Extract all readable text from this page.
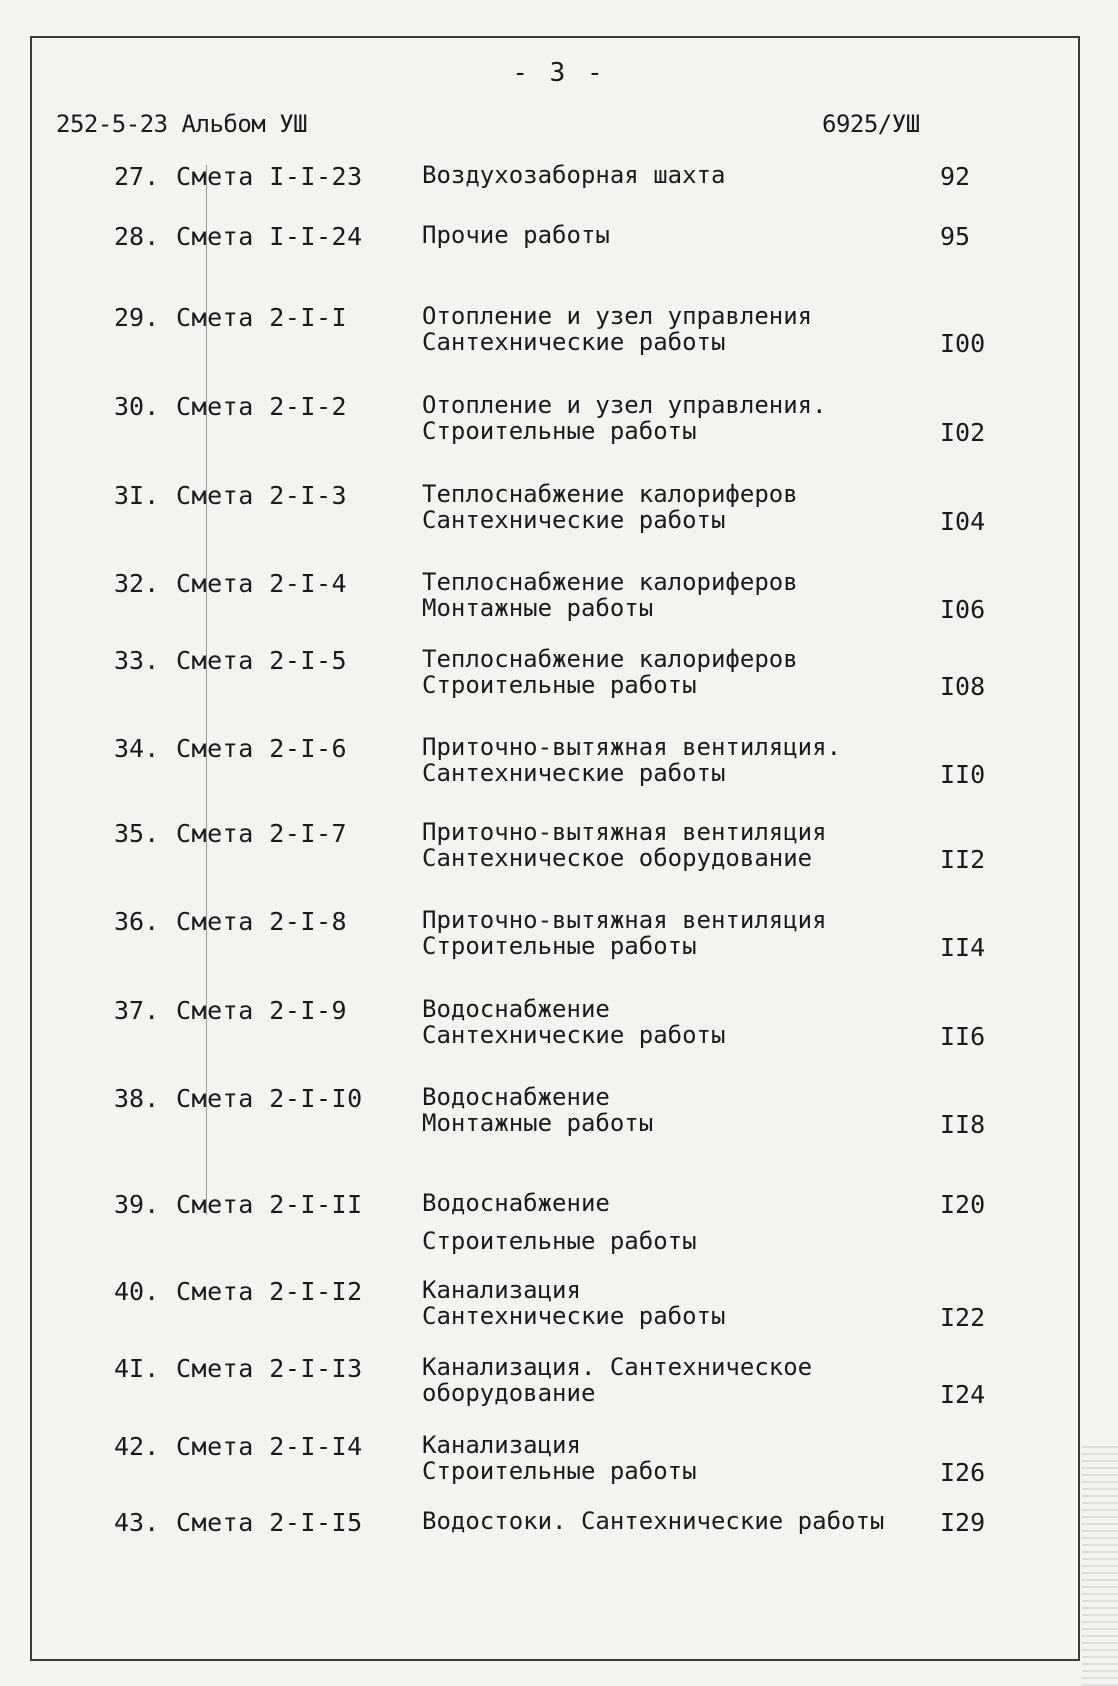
- 3 -
252-5-23 Альбом УШ	6925/УШ
27. Смета I-I-23 Воздухозаборная шахта	92
28. Смета I-I-24 Прочие работы	95
29. Смета 2-I-I	Отопление и узел управления
Сантехнические работы	I00
30. Смета 2-I-2	Отопление и узел управления.
Строительные работы	I02
3I. Смета 2-I-3	Теплоснабжение калориферов
Сантехнические работы	I04
32. Смета 2-I-4	Теплоснабжение калориферов
Монтажные работы	I06
33. Смета 2-I-5	Теплоснабжение калориферов
Строительные работы	I08
34. Смета 2-I-6	Приточно-вытяжная вентиляция.
Сантехнические работы	II0
35. Смета 2-I-7	Приточно-вытяжная вентиляция
Сантехническое оборудование	II2
36. Смета 2-I-8	Приточно-вытяжная вентиляция
Строительные работы	II4
37. Смета 2-I-9	Водоснабжение
Сантехнические работы	II6
38. Смета 2-I-I0 Водоснабжение
Монтажные работы	II8
39. Смета 2-I-II Водоснабжение
Строительные работы
I20
40. Смета 2-I-I2 Канализация
Сантехнические работы	I22
4I. Смета 2-I-I3 Канализация. Сантехническое
оборудование	I24
42. Смета 2-I-I4 Канализация
Строительные работы	I26
43. Смета 2-I-I5 Водостоки. Сантехнические работы I29
